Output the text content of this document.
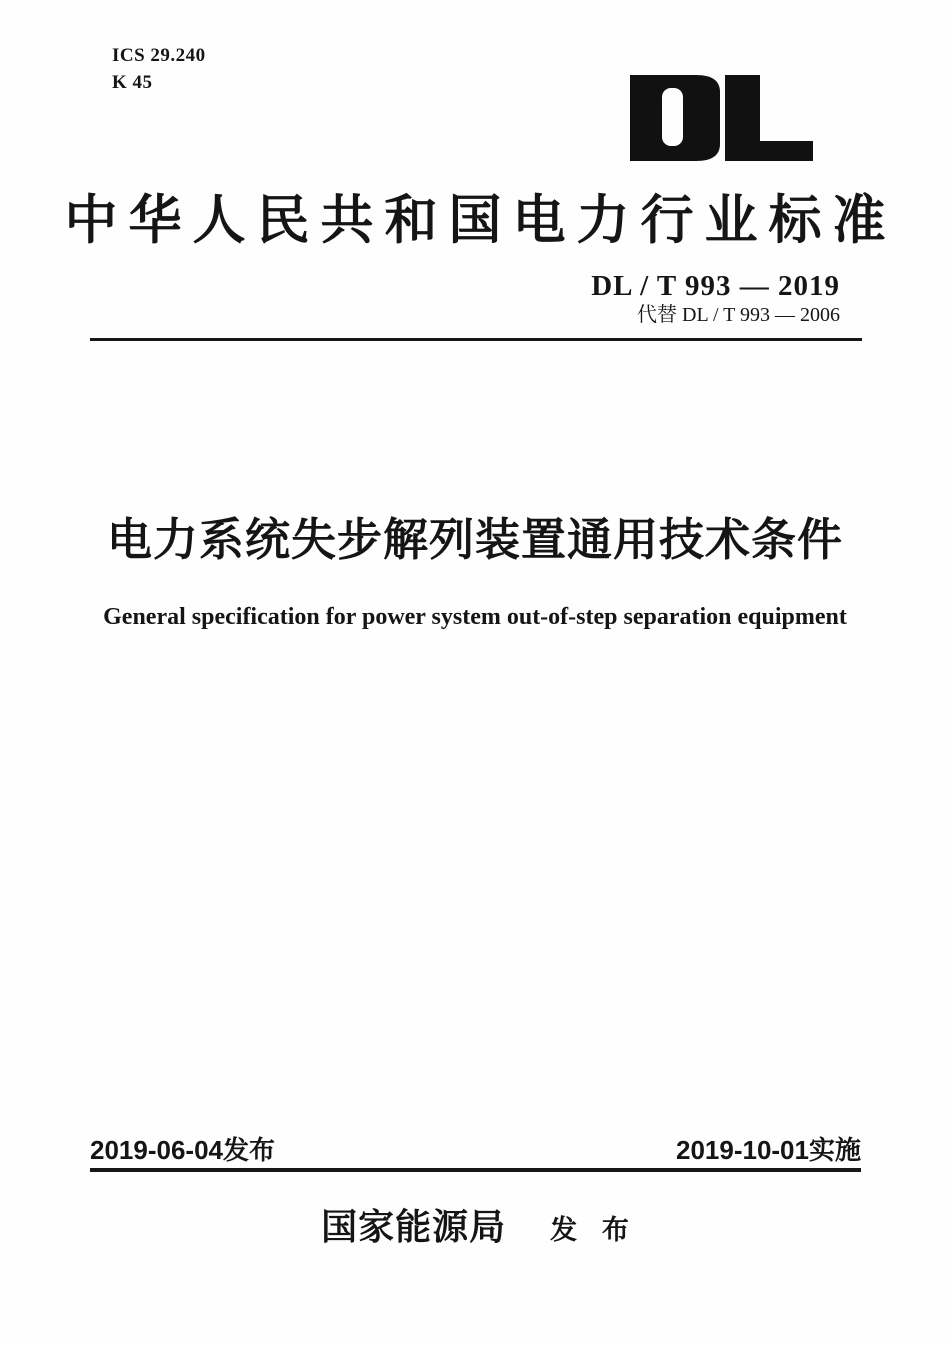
ICS 29.240
K 45
中华人民共和国电力行业标准
DL / T 993 — 2019
代替 DL / T 993 — 2006
电力系统失步解列装置通用技术条件
General specification for power system out-of-step separation equipment
2019-06-04发布	2019-10-01实施
国家能源局 发 布
